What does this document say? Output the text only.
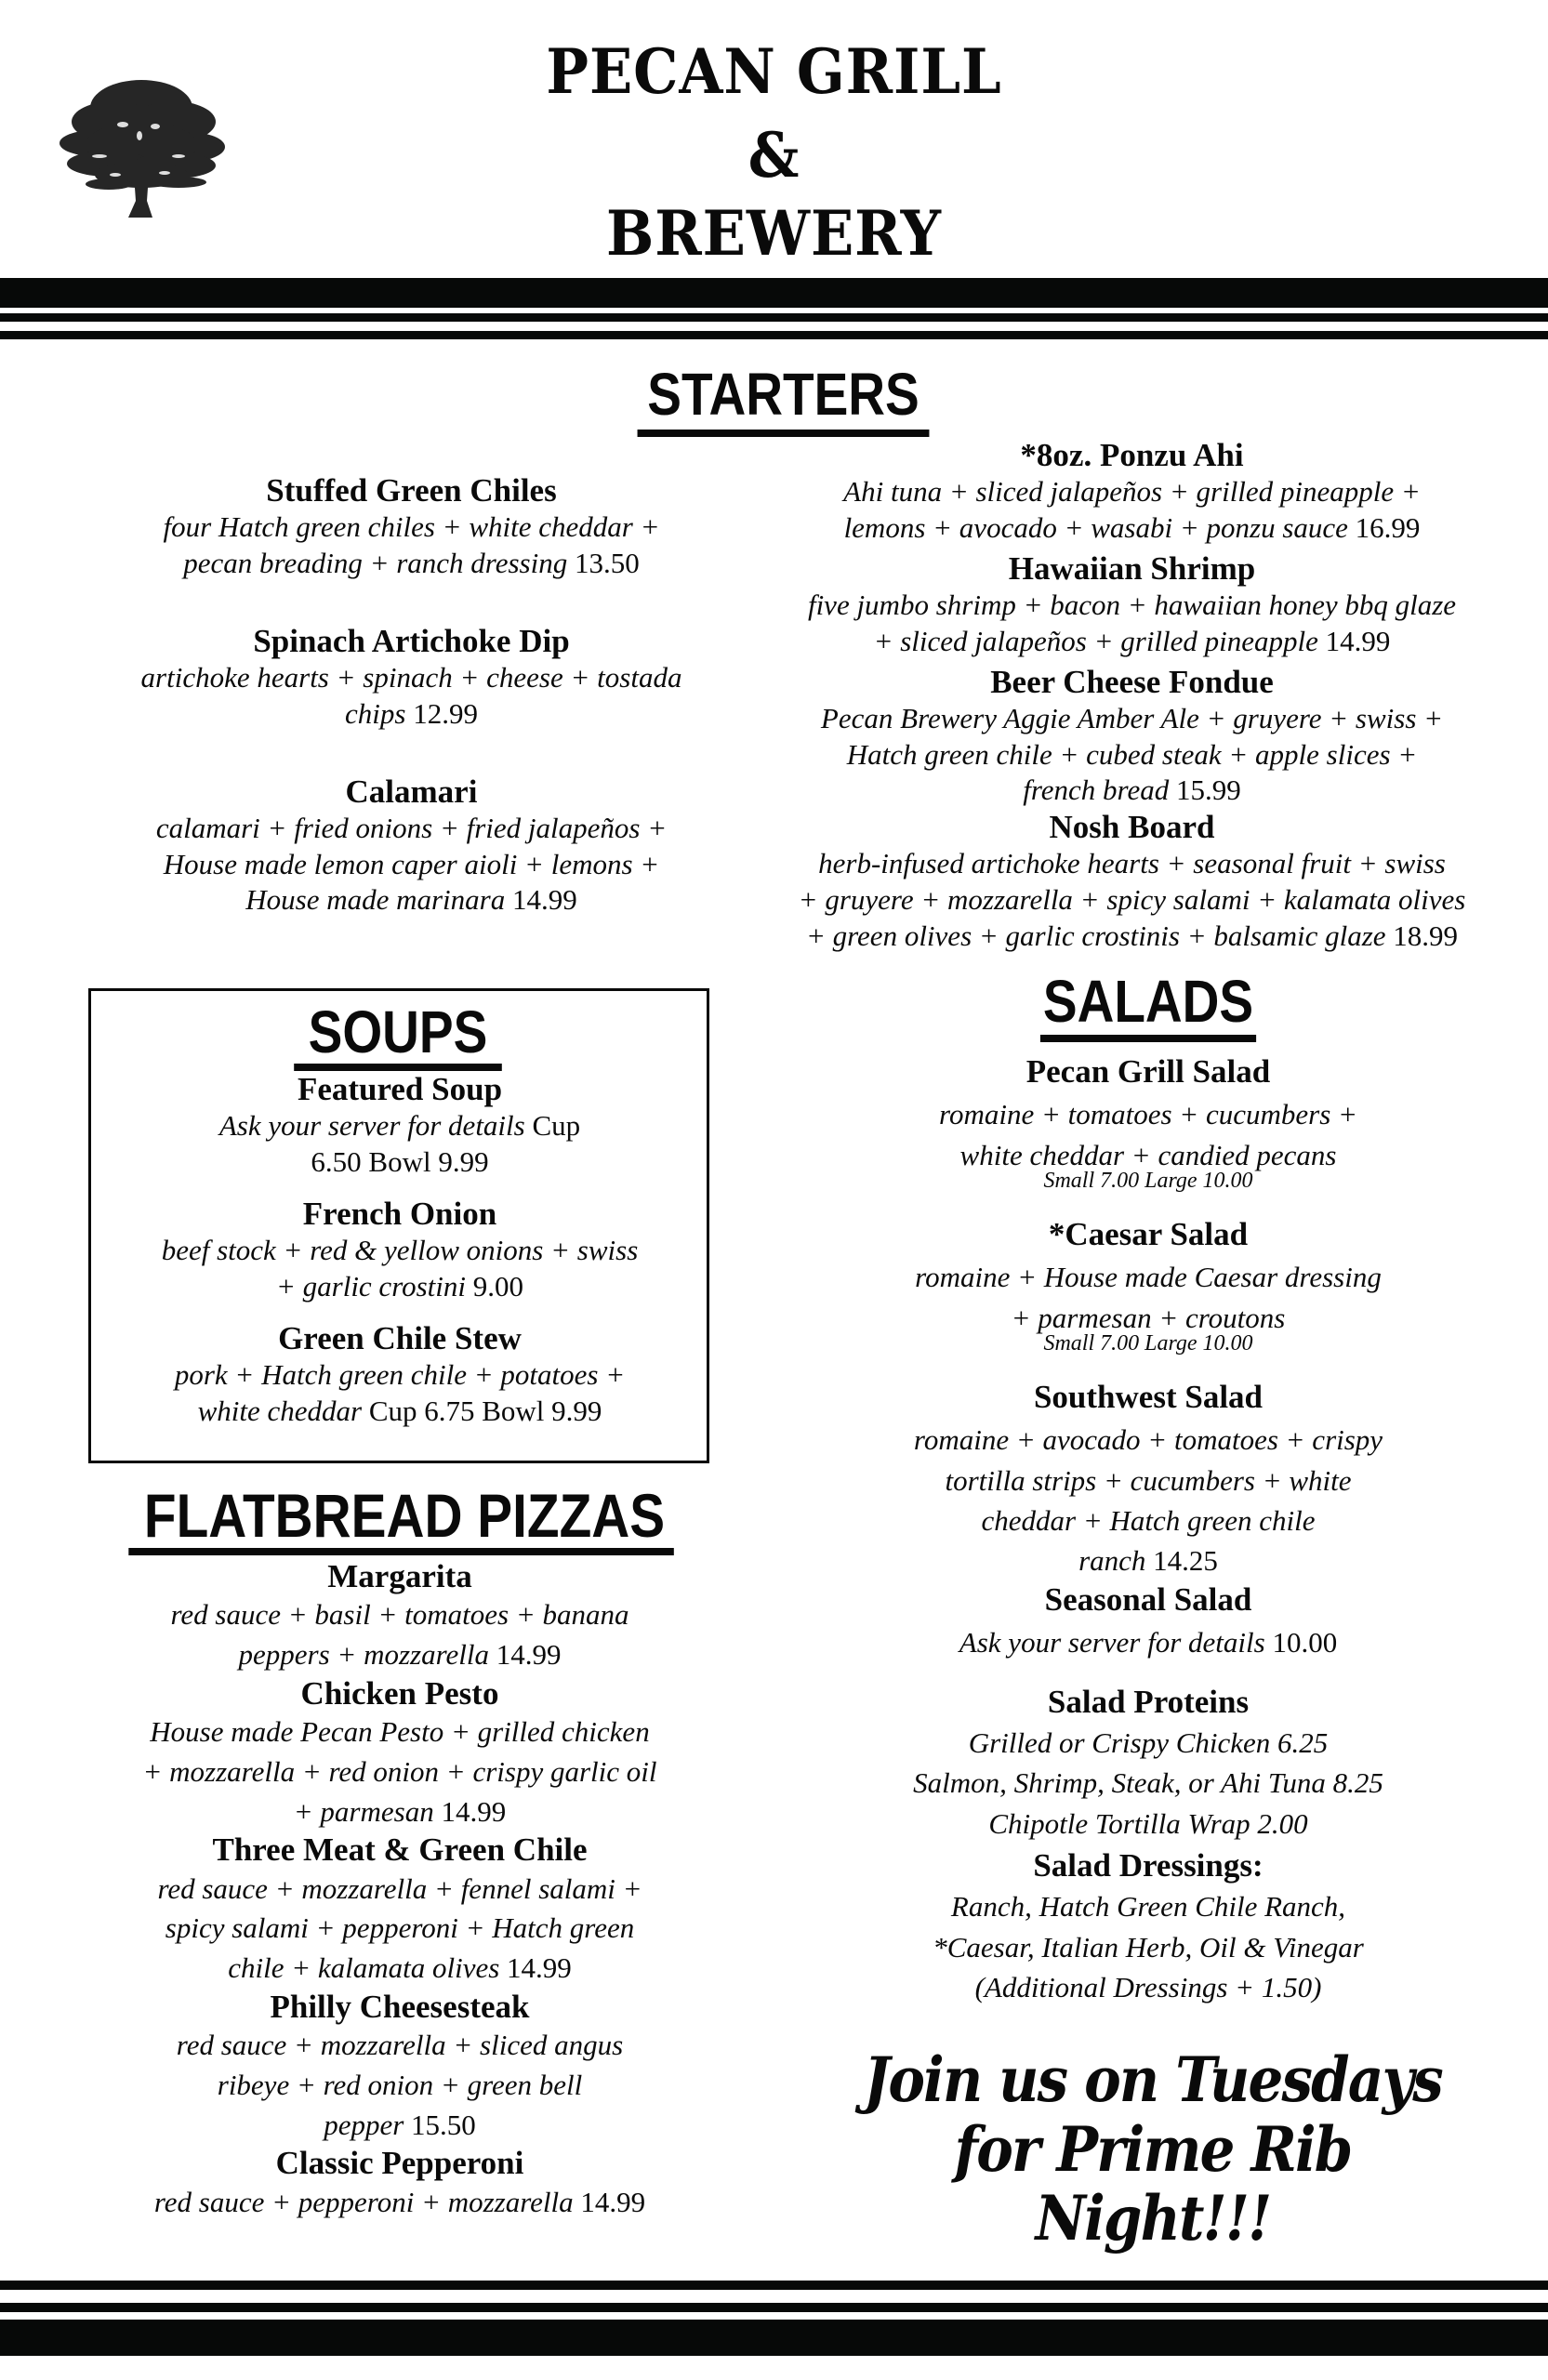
PECAN GRILL
&
BREWERY
STARTERS
Stuffed Green Chiles
four Hatch green chiles + white cheddar +
pecan breading + ranch dressing 13.50
Spinach Artichoke Dip
artichoke hearts + spinach + cheese + tostada
chips 12.99
Calamari
calamari + fried onions + fried jalapeños +
House made lemon caper aioli + lemons +
House made marinara 14.99
*8oz. Ponzu Ahi
Ahi tuna + sliced jalapeños + grilled pineapple +
lemons + avocado + wasabi + ponzu sauce 16.99
Hawaiian Shrimp
five jumbo shrimp + bacon + hawaiian honey bbq glaze
+ sliced jalapeños + grilled pineapple 14.99
Beer Cheese Fondue
Pecan Brewery Aggie Amber Ale + gruyere + swiss +
Hatch green chile + cubed steak + apple slices +
french bread 15.99
Nosh Board
herb-infused artichoke hearts + seasonal fruit + swiss
+ gruyere + mozzarella + spicy salami + kalamata olives
+ green olives + garlic crostinis + balsamic glaze 18.99
SOUPS
Featured Soup
Ask your server for details Cup
6.50 Bowl 9.99
French Onion
beef stock + red & yellow onions + swiss
+ garlic crostini 9.00
Green Chile Stew
pork + Hatch green chile + potatoes +
white cheddar Cup 6.75 Bowl 9.99
FLATBREAD PIZZAS
Margarita
red sauce + basil + tomatoes + banana
peppers + mozzarella 14.99
Chicken Pesto
House made Pecan Pesto + grilled chicken
+ mozzarella + red onion + crispy garlic oil
+ parmesan 14.99
Three Meat & Green Chile
red sauce + mozzarella + fennel salami +
spicy salami + pepperoni + Hatch green
chile + kalamata olives 14.99
Philly Cheesesteak
red sauce + mozzarella + sliced angus
ribeye + red onion + green bell
pepper 15.50
Classic Pepperoni
red sauce + pepperoni + mozzarella 14.99
SALADS
Pecan Grill Salad
romaine + tomatoes + cucumbers +
white cheddar + candied pecans
Small 7.00 Large 10.00
*Caesar Salad
romaine + House made Caesar dressing
+ parmesan + croutons
Small 7.00 Large 10.00
Southwest Salad
romaine + avocado + tomatoes + crispy
tortilla strips + cucumbers + white
cheddar + Hatch green chile
ranch 14.25
Seasonal Salad
Ask your server for details 10.00
Salad Proteins
Grilled or Crispy Chicken 6.25
Salmon, Shrimp, Steak, or Ahi Tuna 8.25
Chipotle Tortilla Wrap 2.00
Salad Dressings:
Ranch, Hatch Green Chile Ranch,
*Caesar, Italian Herb, Oil & Vinegar
(Additional Dressings + 1.50)
Join us on Tuesdays
for Prime Rib
Night!!!
